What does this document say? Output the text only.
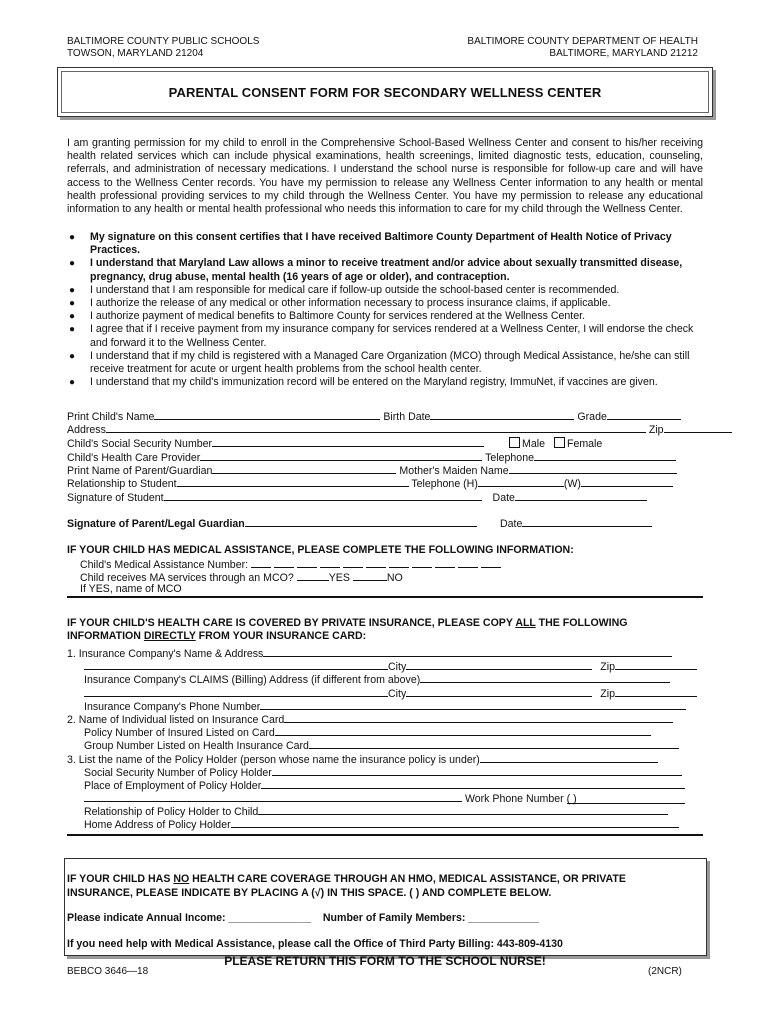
BALTIMORE COUNTY PUBLIC SCHOOLS
TOWSON, MARYLAND 21204
BALTIMORE COUNTY DEPARTMENT OF HEALTH
BALTIMORE, MARYLAND 21212
PARENTAL CONSENT FORM FOR SECONDARY WELLNESS CENTER
I am granting permission for my child to enroll in the Comprehensive School-Based Wellness Center and consent to his/her receiving health related services which can include physical examinations, health screenings, limited diagnostic tests, education, counseling, referrals, and administration of necessary medications. I understand the school nurse is responsible for follow-up care and will have access to the Wellness Center records. You have my permission to release any Wellness Center information to any health or mental health professional providing services to my child through the Wellness Center. You have my permission to release any educational information to any health or mental health professional who needs this information to care for my child through the Wellness Center.
● My signature on this consent certifies that I have received Baltimore County Department of Health Notice of Privacy Practices.
● I understand that Maryland Law allows a minor to receive treatment and/or advice about sexually transmitted disease, pregnancy, drug abuse, mental health (16 years of age or older), and contraception.
● I understand that I am responsible for medical care if follow-up outside the school-based center is recommended.
● I authorize the release of any medical or other information necessary to process insurance claims, if applicable.
● I authorize payment of medical benefits to Baltimore County for services rendered at the Wellness Center.
● I agree that if I receive payment from my insurance company for services rendered at a Wellness Center, I will endorse the check and forward it to the Wellness Center.
● I understand that if my child is registered with a Managed Care Organization (MCO) through Medical Assistance, he/she can still receive treatment for acute or urgent health problems from the school health center.
● I understand that my child's immunization record will be entered on the Maryland registry, ImmuNet, if vaccines are given.
Print Child's Name	Birth Date	Grade
Address	Zip
Child's Social Security Number	Male Female
Child's Health Care Provider	Telephone
Print Name of Parent/Guardian	Mother's Maiden Name
Relationship to Student	Telephone (H)	(W)
Signature of Student	Date
Signature of Parent/Legal Guardian	Date
IF YOUR CHILD HAS MEDICAL ASSISTANCE, PLEASE COMPLETE THE FOLLOWING INFORMATION:
Child's Medical Assistance Number:
Child receives MA services through an MCO?	YES	NO
If YES, name of MCO
IF YOUR CHILD'S HEALTH CARE IS COVERED BY PRIVATE INSURANCE, PLEASE COPY ALL THE FOLLOWING
INFORMATION DIRECTLY FROM YOUR INSURANCE CARD:
1. Insurance Company's Name & Address
City	Zip
Insurance Company's CLAIMS (Billing) Address (if different from above)
City	Zip
Insurance Company's Phone Number
2. Name of Individual listed on Insurance Card
Policy Number of Insured Listed on Card
Group Number Listed on Health Insurance Card
3. List the name of the Policy Holder (person whose name the insurance policy is under)
Social Security Number of Policy Holder
Place of Employment of Policy Holder
Work Phone Number ( )
Relationship of Policy Holder to Child
Home Address of Policy Holder
IF YOUR CHILD HAS NO HEALTH CARE COVERAGE THROUGH AN HMO, MEDICAL ASSISTANCE, OR PRIVATE
INSURANCE, PLEASE INDICATE BY PLACING A (√) IN THIS SPACE. ( ) AND COMPLETE BELOW.
Please indicate Annual Income: ______________ Number of Family Members: ____________
If you need help with Medical Assistance, please call the Office of Third Party Billing: 443-809-4130
PLEASE RETURN THIS FORM TO THE SCHOOL NURSE!
BEBCO 3646—18	(2NCR)
